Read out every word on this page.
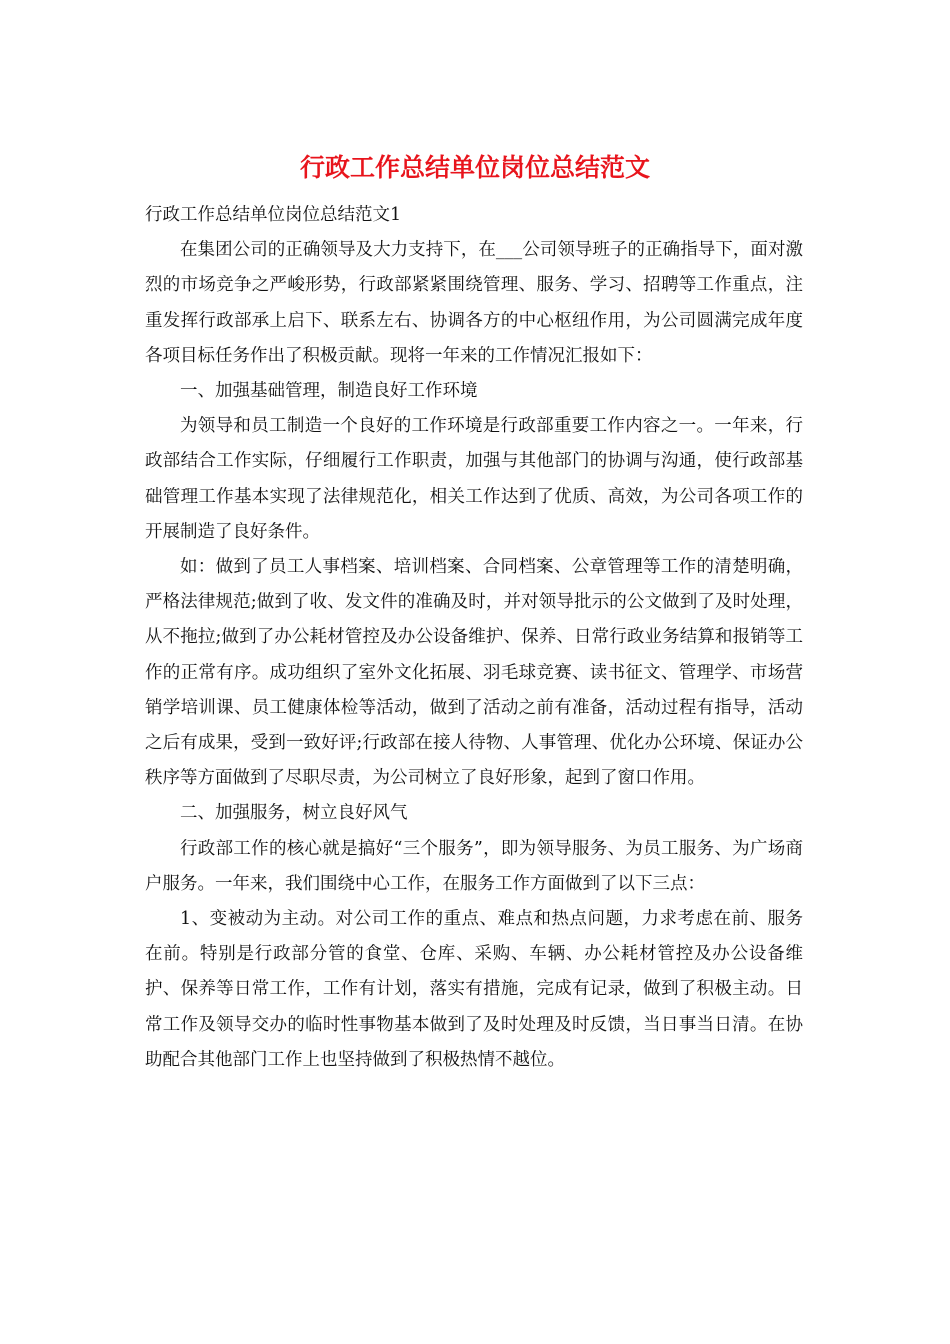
行政工作总结单位岗位总结范文

行政工作总结单位岗位总结范文1

在集团公司的正确领导及大力支持下，在___公司领导班子的正确指导下，面对激烈的市场竞争之严峻形势，行政部紧紧围绕管理、服务、学习、招聘等工作重点，注重发挥行政部承上启下、联系左右、协调各方的中心枢纽作用，为公司圆满完成年度各项目标任务作出了积极贡献。现将一年来的工作情况汇报如下：

一、加强基础管理，制造良好工作环境

为领导和员工制造一个良好的工作环境是行政部重要工作内容之一。一年来，行政部结合工作实际，仔细履行工作职责，加强与其他部门的协调与沟通，使行政部基础管理工作基本实现了法律规范化，相关工作达到了优质、高效，为公司各项工作的开展制造了良好条件。

如：做到了员工人事档案、培训档案、合同档案、公章管理等工作的清楚明确，严格法律规范;做到了收、发文件的准确及时，并对领导批示的公文做到了及时处理，从不拖拉;做到了办公耗材管控及办公设备维护、保养、日常行政业务结算和报销等工作的正常有序。成功组织了室外文化拓展、羽毛球竞赛、读书征文、管理学、市场营销学培训课、员工健康体检等活动，做到了活动之前有准备，活动过程有指导，活动之后有成果，受到一致好评;行政部在接人待物、人事管理、优化办公环境、保证办公秩序等方面做到了尽职尽责，为公司树立了良好形象，起到了窗口作用。

二、加强服务，树立良好风气

行政部工作的核心就是搞好“三个服务”，即为领导服务、为员工服务、为广场商户服务。一年来，我们围绕中心工作，在服务工作方面做到了以下三点：

1、变被动为主动。对公司工作的重点、难点和热点问题，力求考虑在前、服务在前。特别是行政部分管的食堂、仓库、采购、车辆、办公耗材管控及办公设备维护、保养等日常工作，工作有计划，落实有措施，完成有记录，做到了积极主动。日常工作及领导交办的临时性事物基本做到了及时处理及时反馈，当日事当日清。在协助配合其他部门工作上也坚持做到了积极热情不越位。
